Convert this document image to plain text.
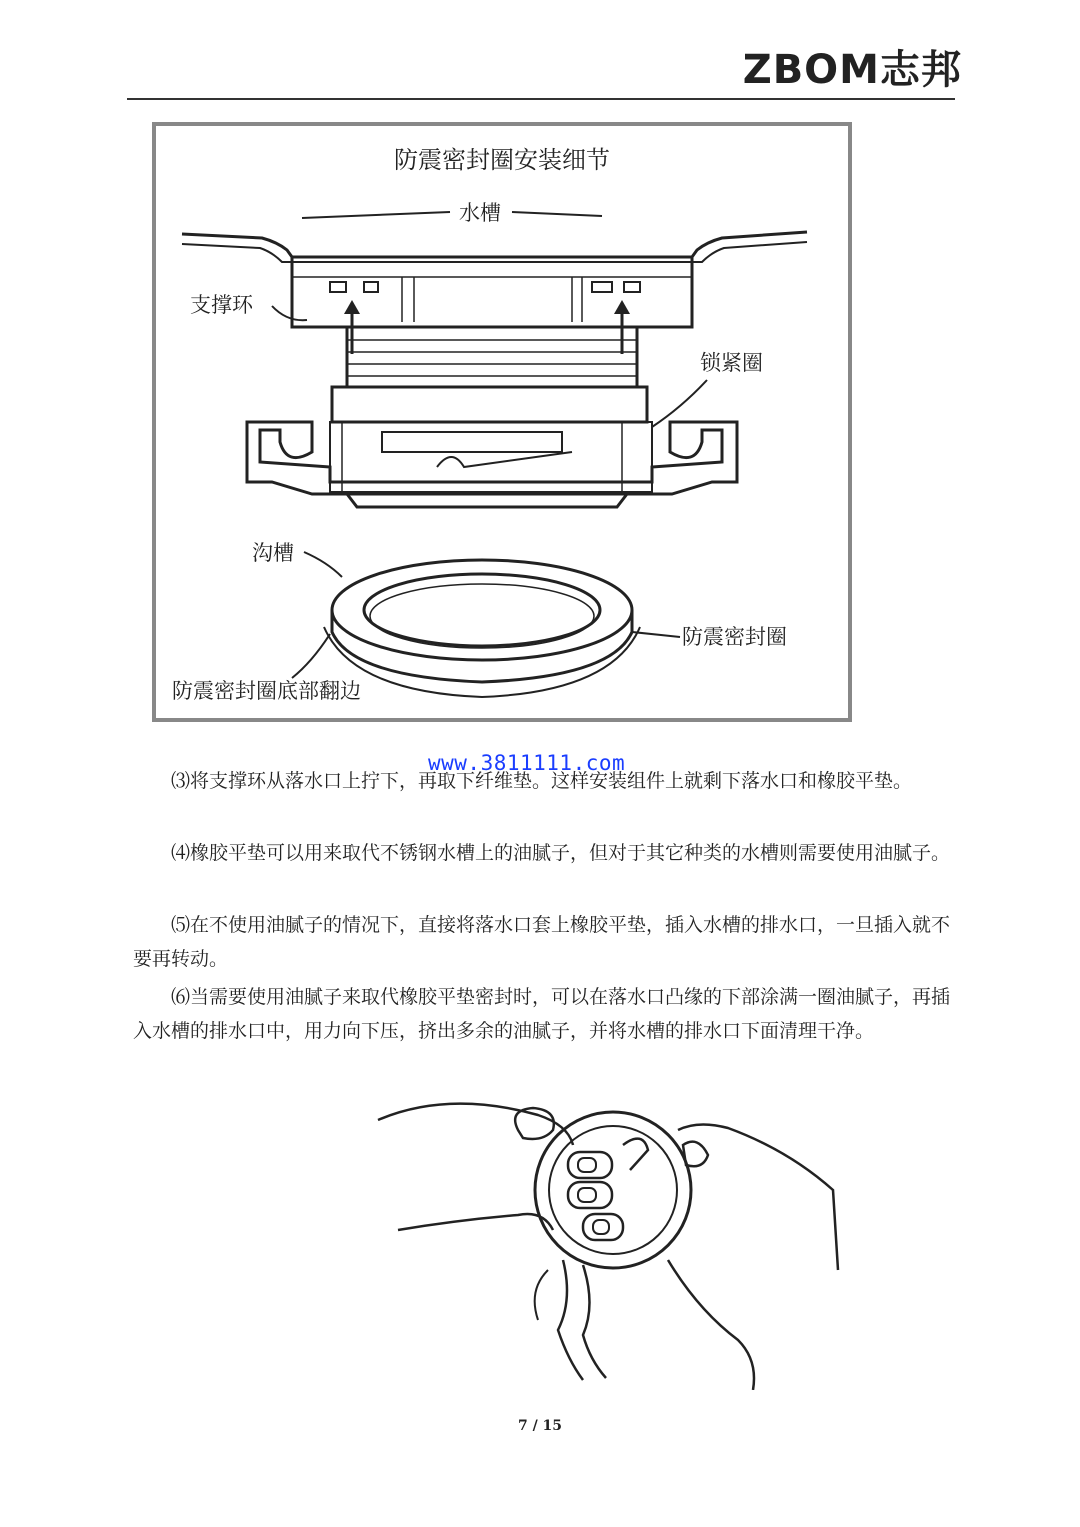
ZBOM志邦
防震密封圈安装细节
水槽
支撑环
锁紧圈
沟槽
防震密封圈
防震密封圈底部翻边
www.3811111.com

⑶将支撑环从落水口上拧下，再取下纤维垫。这样安装组件上就剩下落水口和橡胶平垫。

⑷橡胶平垫可以用来取代不锈钢水槽上的油腻子，但对于其它种类的水槽则需要使用油腻子。

⑸在不使用油腻子的情况下，直接将落水口套上橡胶平垫，插入水槽的排水口，一旦插入就不要再转动。

⑹当需要使用油腻子来取代橡胶平垫密封时，可以在落水口凸缘的下部涂满一圈油腻子，再插入水槽的排水口中，用力向下压，挤出多余的油腻子，并将水槽的排水口下面清理干净。

7 / 15
